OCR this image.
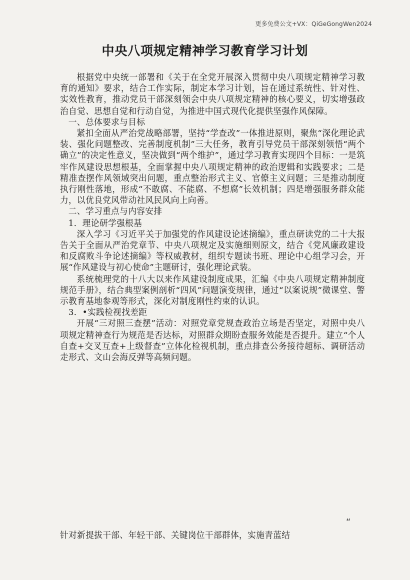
更多免费公文+VX：QiGeGongWen2024
中央八项规定精神学习教育学习计划

根据党中央统一部署和《关于在全党开展深入贯彻中央八项规定精神学习教育的通知》要求，结合工作实际，制定本学习计划，旨在通过系统性、针对性、实效性教育，推动党员干部深刻领会中央八项规定精神的核心要义，切实增强政治自觉、思想自觉和行动自觉，为推进中国式现代化提供坚强作风保障。

一、总体要求与目标

紧扣全面从严治党战略部署，坚持“学查改”一体推进原则，聚焦“深化理论武装、强化问题整改、完善制度机制”三大任务，教育引导党员干部深刻领悟“两个确立”的决定性意义，坚决做到“两个维护”，通过学习教育实现四个目标：一是筑牢作风建设思想根基，全面掌握中央八项规定精神的政治逻辑和实践要求；二是精准查摆作风领域突出问题，重点整治形式主义、官僚主义问题；三是推动制度执行刚性落地，形成“不敢腐、不能腐、不想腐”长效机制；四是增强服务群众能力，以优良党风带动社风民风向上向善。

二、学习重点与内容安排

1．理论研学强根基

深入学习《习近平关于加强党的作风建设论述摘编》，重点研读党的二十大报告关于全面从严治党章节、中央八项规定及实施细则原文，结合《党风廉政建设和反腐败斗争论述摘编》等权威教材，组织专题读书班、理论中心组学习会，开展“作风建设与初心使命”主题研讨，强化理论武装。

系统梳理党的十八大以来作风建设制度成果，汇编《中央八项规定精神制度规范手册》，结合典型案例剖析“四风”问题演变规律，通过“以案说规”微课堂、警示教育基地参观等形式，深化对制度刚性约束的认识。

3．•实践检视找差距

开展“三对照三查摆”活动：对照党章党规查政治立场是否坚定，对照中央八项规定精神查行为规范是否达标，对照群众期盼查服务效能是否提升。建立“个人自查+交叉互查+上级督查”立体化检视机制，重点排查公务接待超标、调研活动走形式、文山会海反弹等高频问题。

“
针对新提拔干部、年轻干部、关键岗位干部群体，实施青蓝结
